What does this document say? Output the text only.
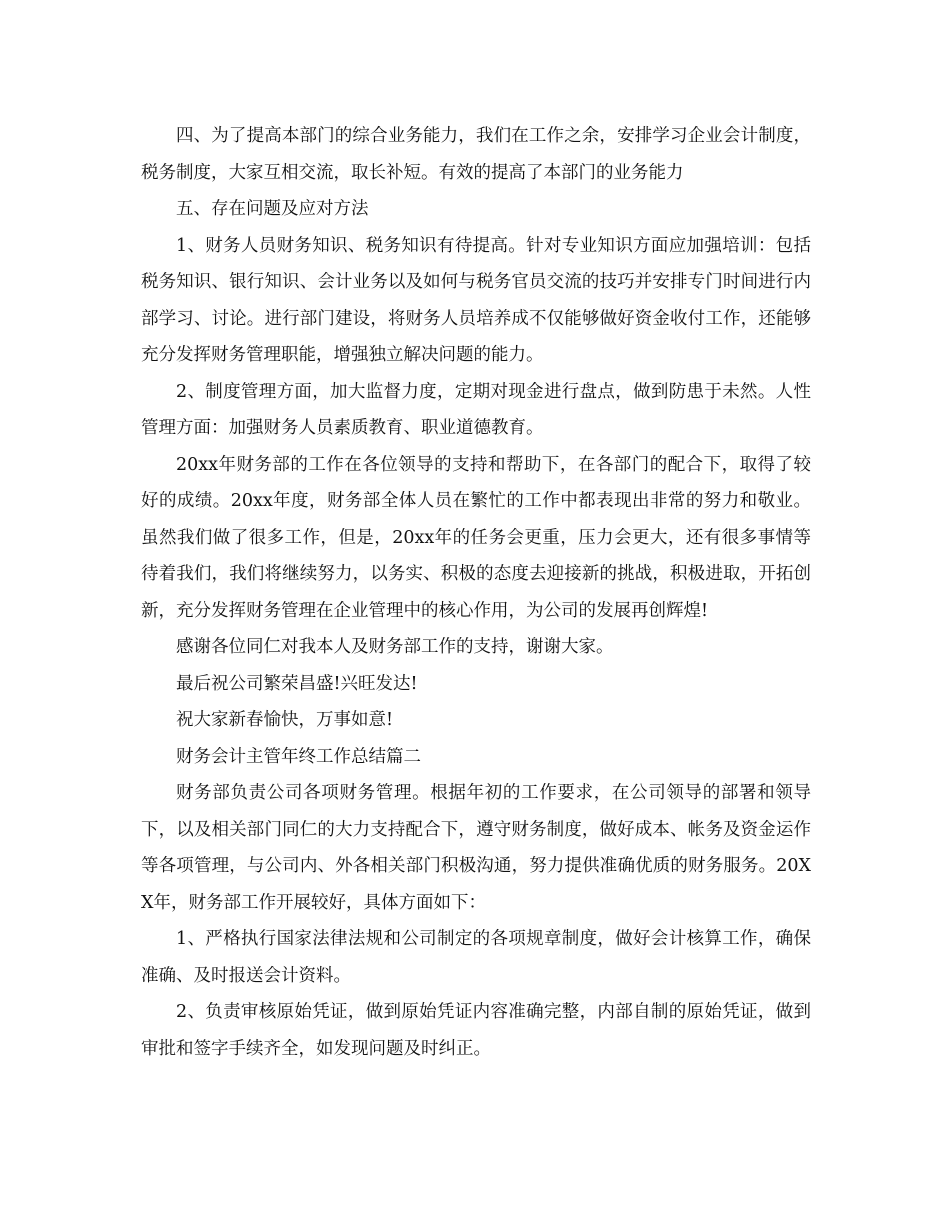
四、为了提高本部门的综合业务能力，我们在工作之余，安排学习企业会计制度，税务制度，大家互相交流，取长补短。有效的提高了本部门的业务能力

五、存在问题及应对方法

1、财务人员财务知识、税务知识有待提高。针对专业知识方面应加强培训：包括税务知识、银行知识、会计业务以及如何与税务官员交流的技巧并安排专门时间进行内部学习、讨论。进行部门建设，将财务人员培养成不仅能够做好资金收付工作，还能够充分发挥财务管理职能，增强独立解决问题的能力。

2、制度管理方面，加大监督力度，定期对现金进行盘点，做到防患于未然。人性管理方面：加强财务人员素质教育、职业道德教育。

20xx年财务部的工作在各位领导的支持和帮助下，在各部门的配合下，取得了较好的成绩。20xx年度，财务部全体人员在繁忙的工作中都表现出非常的努力和敬业。虽然我们做了很多工作，但是，20xx年的任务会更重，压力会更大，还有很多事情等待着我们，我们将继续努力，以务实、积极的态度去迎接新的挑战，积极进取，开拓创新，充分发挥财务管理在企业管理中的核心作用，为公司的发展再创辉煌!

感谢各位同仁对我本人及财务部工作的支持，谢谢大家。

最后祝公司繁荣昌盛!兴旺发达!

祝大家新春愉快，万事如意!

财务会计主管年终工作总结篇二

财务部负责公司各项财务管理。根据年初的工作要求，在公司领导的部署和领导下，以及相关部门同仁的大力支持配合下，遵守财务制度，做好成本、帐务及资金运作等各项管理，与公司内、外各相关部门积极沟通，努力提供准确优质的财务服务。20XX年，财务部工作开展较好，具体方面如下：

1、严格执行国家法律法规和公司制定的各项规章制度，做好会计核算工作，确保准确、及时报送会计资料。

2、负责审核原始凭证，做到原始凭证内容准确完整，内部自制的原始凭证，做到审批和签字手续齐全，如发现问题及时纠正。
